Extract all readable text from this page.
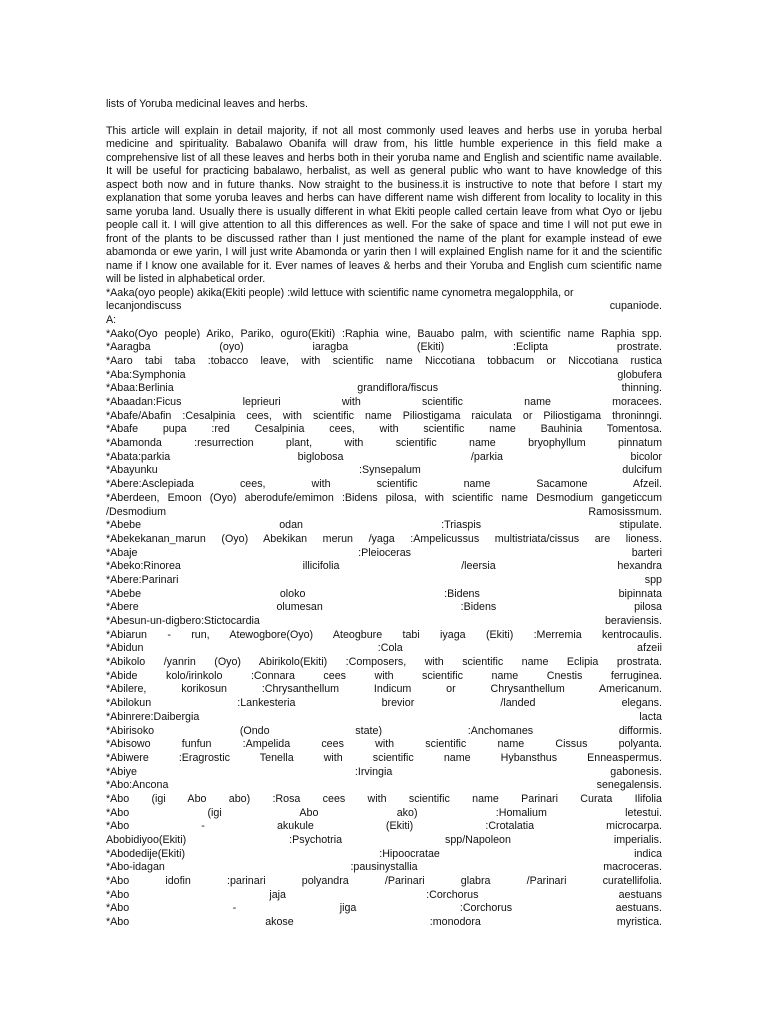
lists of Yoruba medicinal leaves and herbs.

This article will explain in detail majority, if not all most commonly used leaves and herbs use in yoruba herbal medicine and spirituality. Babalawo Obanifa will draw from, his little humble experience in this field make a comprehensive list of all these leaves and herbs both in their yoruba name and English and scientific name available. It will be useful for practicing babalawo, herbalist, as well as general public who want to have knowledge of this aspect both now and in future thanks. Now straight to the business.it is instructive to note that before I start my explanation that some yoruba leaves and herbs can have different name wish different from locality to locality in this same yoruba land. Usually there is usually different in what Ekiti people called certain leave from what Oyo or Ijebu people call it. I will give attention to all this differences as well. For the sake of space and time I will not put ewe in front of the plants to be discussed rather than I just mentioned the name of the plant for example instead of ewe abamonda or ewe yarin, I will just write Abamonda or yarin then I will explained English name for it and the scientific name if I know one available for it. Ever names of leaves & herbs and their Yoruba and English cum scientific name will be listed in alphabetical order.

*Aaka(oyo people) akika(Ekiti people) :wild lettuce with scientific name cynometra megalopphila, or
lecanjondiscuss cupaniode.
A:
*Aako(Oyo people) Ariko, Pariko, oguro(Ekiti) :Raphia wine, Bauabo palm, with scientific name Raphia spp.
*Aaragba (oyo) iaragba (Ekiti) :Eclipta prostrate.
*Aaro tabi taba :tobacco leave, with scientific name Niccotiana tobbacum or Niccotiana rustica
*Aba:Symphonia globufera
*Abaa:Berlinia grandiflora/fiscus thinning.
*Abaadan:Ficus leprieuri with scientific name moracees.
*Abafe/Abafin :Cesalpinia cees, with scientific name Piliostigama raiculata or Piliostigama throninngi.
*Abafe pupa :red Cesalpinia cees, with scientific name Bauhinia Tomentosa.
*Abamonda :resurrection plant, with scientific name bryophyllum pinnatum
*Abata:parkia biglobosa /parkia bicolor
*Abayunku :Synsepalum dulcifum
*Abere:Asclepiada cees, with scientific name Sacamone Afzeil.
*Aberdeen, Emoon (Oyo) aberodufe/emimon :Bidens pilosa, with scientific name Desmodium gangeticcum
/Desmodium Ramosissmum.
*Abebe odan :Triaspis stipulate.
*Abekekanan_marun (Oyo) Abekikan merun /yaga :Ampelicussus multistriata/cissus are lioness.
*Abaje :Pleioceras barteri
*Abeko:Rinorea illicifolia /leersia hexandra
*Abere:Parinari spp
*Abebe oloko :Bidens bipinnata
*Abere olumesan :Bidens pilosa
*Abesun-un-digbero:Stictocardia beraviensis.
*Abiarun - run, Atewogbore(Oyo) Ateogbure tabi iyaga (Ekiti) :Merremia kentrocaulis.
*Abidun :Cola afzeii
*Abikolo /yanrin (Oyo) Abirikolo(Ekiti) :Composers, with scientific name Eclipia prostrata.
*Abide kolo/irinkolo :Connara cees with scientific name Cnestis ferruginea.
*Abilere, korikosun :Chrysanthellum Indicum or Chrysanthellum Americanum.
*Abilokun :Lankesteria brevior /landed elegans.
*Abinrere:Daibergia lacta
*Abirisoko (Ondo state) :Anchomanes difformis.
*Abisowo funfun :Ampelida cees with scientific name Cissus polyanta.
*Abiwere :Eragrostic Tenella with scientific name Hybansthus Enneaspermus.
*Abiye :Irvingia gabonesis.
*Abo:Ancona senegalensis.
*Abo (igi Abo abo) :Rosa cees with scientific name Parinari Curata Ilifolia
*Abo (igi Abo ako) :Homalium letestui.
*Abo - akukule (Ekiti) :Crotalatia microcarpa.
Abobidiyoo(Ekiti) :Psychotria spp/Napoleon imperialis.
*Abodedije(Ekiti) :Hipoocratae indica
*Abo-idagan :pausinystallia macroceras.
*Abo idofin :parinari polyandra /Parinari glabra /Parinari curatellifolia.
*Abo jaja :Corchorus aestuans
*Abo - jiga :Corchorus aestuans.
*Abo akose :monodora myristica.
